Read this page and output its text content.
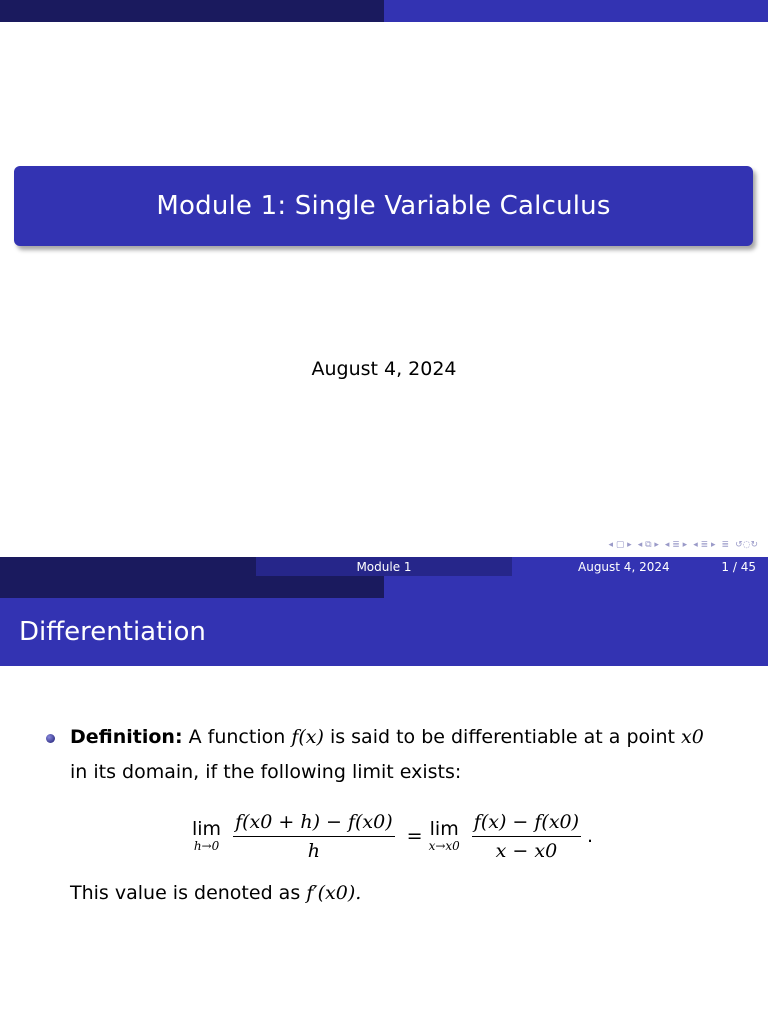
Module 1: Single Variable Calculus
August 4, 2024
◂ ▢ ▸ ◂ ⧉ ▸ ◂ ≣ ▸ ◂ ≣ ▸ ≣ ↺◌↻
Module 1	August 4, 2024	1 / 45
Differentiation
Definition: A function f(x) is said to be differentiable at a point x0
in its domain, if the following limit exists:
lim
$h\to 0 \frac{f(x0 + h) - f(x0)}{h} = \lim$
$x\to x0 \frac{f(x) - f(x0)}{x - x0}$ .
This value is denoted as f′(x0).
